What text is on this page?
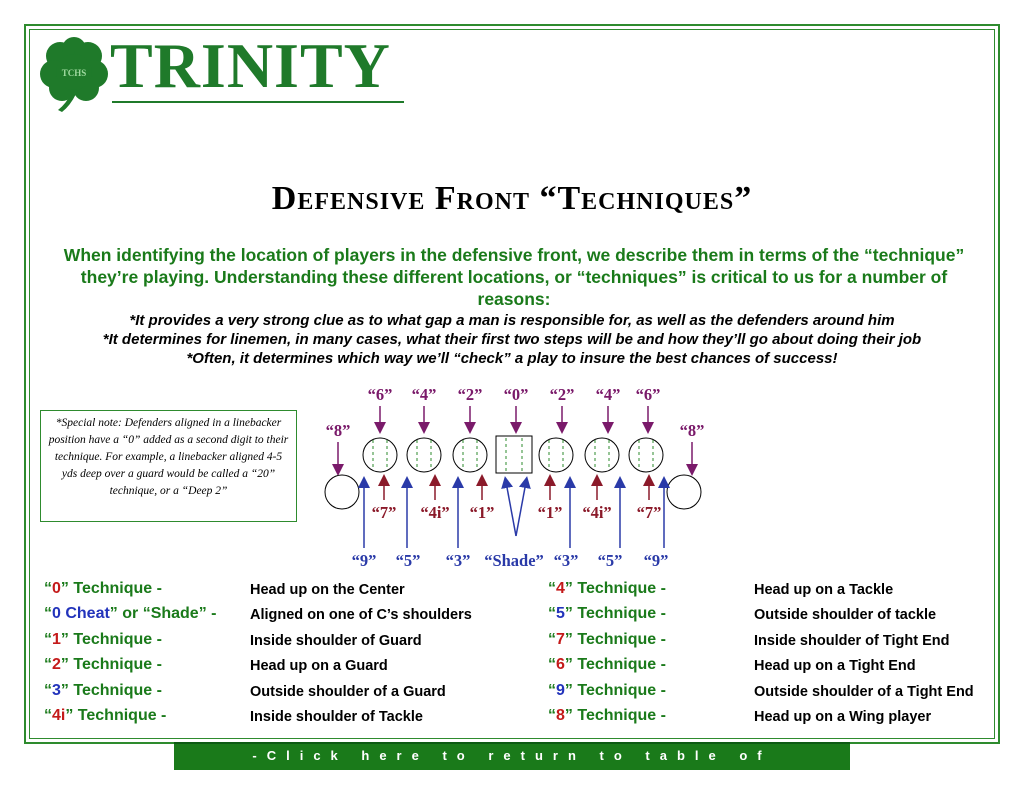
TCHS TRINITY
Defensive Front “Techniques”
When identifying the location of players in the defensive front, we describe them in terms of the “technique” they’re playing. Understanding these different locations, or “techniques” is critical to us for a number of reasons:
*It provides a very strong clue as to what gap a man is responsible for, as well as the defenders around him
*It determines for linemen, in many cases, what their first two steps will be and how they’ll go about doing their job
*Often, it determines which way we’ll “check” a play to insure the best chances of success!
*Special note: Defenders aligned in a linebacker position have a “0” added as a second digit to their technique. For example, a linebacker aligned 4-5 yds deep over a guard would be called a “20” technique, or a “Deep 2”
“6” “4” “2” “0” “2” “4” “6”
“8”	“8”
“7” “4i” “1”	“1” “4i” “7”
“9” “5” “3” “Shade” “3” “5” “9”
“0” Technique -	Head up on the Center
“0 Cheat” or “Shade” - Aligned on one of C’s shoulders
“1” Technique -	Inside shoulder of Guard
“2” Technique -	Head up on a Guard
“3” Technique -	Outside shoulder of a Guard
“4i” Technique -	Inside shoulder of Tackle
“4” Technique -	Head up on a Tackle
“5” Technique -	Outside shoulder of tackle
“7” Technique -	Inside shoulder of Tight End
“6” Technique -	Head up on a Tight End
“9” Technique -	Outside shoulder of a Tight End
“8” Technique -	Head up on a Wing player
-Click here to return to table of contents-
